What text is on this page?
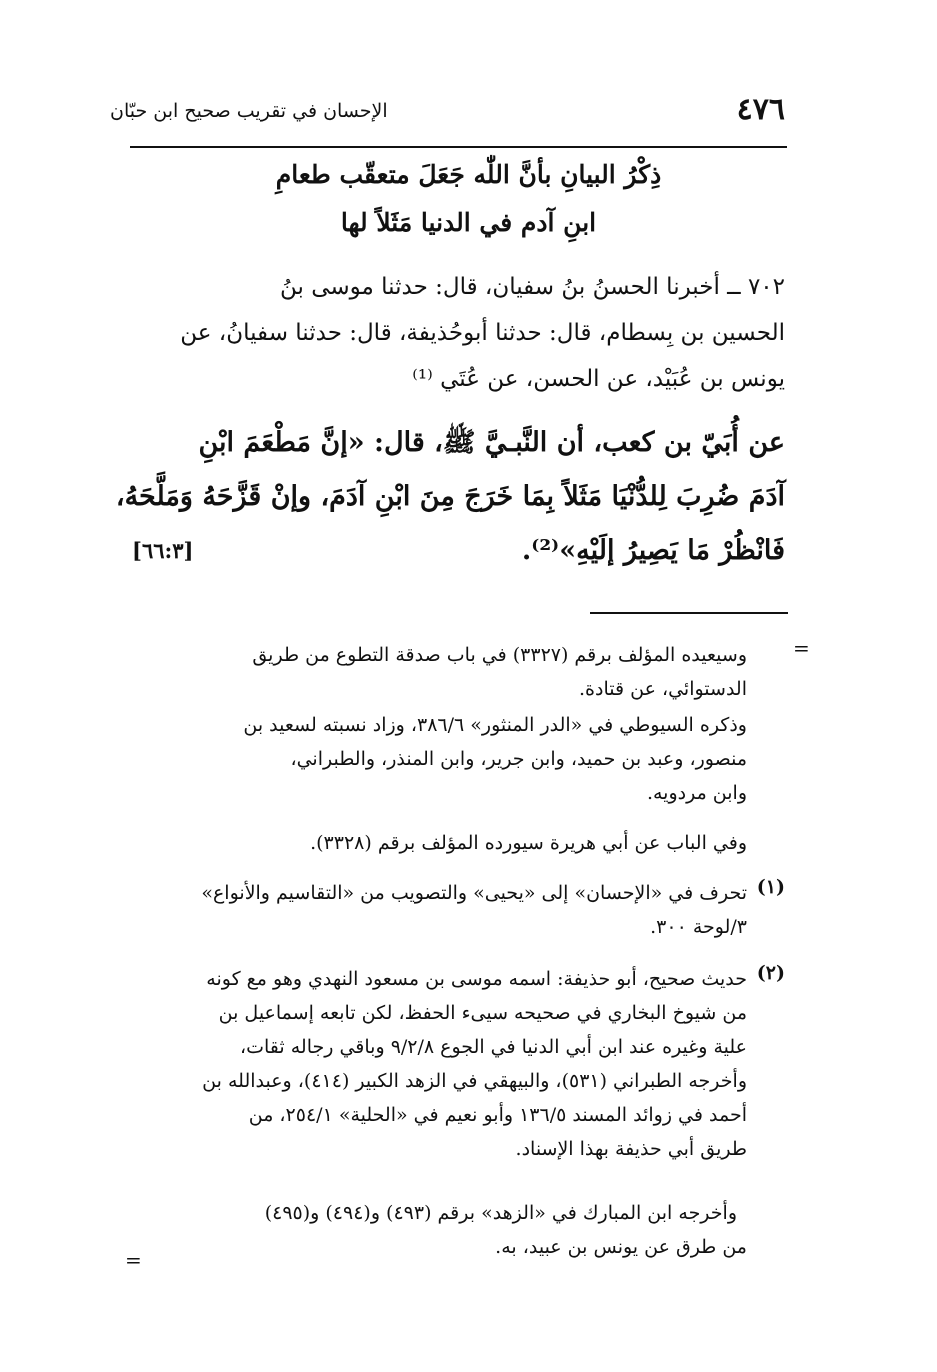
٤٧٦
الإحسان في تقريب صحيح ابن حبّان
ذِكْرُ البيانِ بأنَّ اللّٰه جَعَلَ متعقّب طعامِ
ابنِ آدم في الدنيا مَثَلاً لها
٧٠٢ ــ أخبرنا الحسنُ بنُ سفيان، قال: حدثنا موسى بنُ
الحسين بن بِسطام، قال: حدثنا أبوحُذيفة، قال: حدثنا سفيانُ، عن
يونس بن عُبَيْد، عن الحسن، عن عُتَي ⁽¹⁾
عن أُبَيّ بن كعب، أن النَّبـيَّ ﷺ، قال: «إنَّ مَطْعَمَ ابْنِ
آدَمَ ضُرِبَ لِلدُّنْيَا مَثَلاً بِمَا خَرَجَ مِنَ ابْنِ آدَمَ، وإنْ قَزَّحَهُ وَمَلَّحَهُ،
فَانْظُرْ مَا يَصِيرُ إلَيْهِ»⁽²⁾.
[٦٦:٣]
=
وسيعيده المؤلف برقم (٣٣٢٧) في باب صدقة التطوع من طريق
الدستوائي، عن قتادة.
وذكره السيوطي في «الدر المنثور» ٣٨٦/٦، وزاد نسبته لسعيد بن
منصور، وعبد بن حميد، وابن جرير، وابن المنذر، والطبراني،
وابن مردويه.
وفي الباب عن أبي هريرة سيورده المؤلف برقم (٣٣٢٨).
(١)
تحرف في «الإحسان» إلى «يحيى» والتصويب من «التقاسيم والأنواع»
٣/لوحة ٣٠٠.
(٢)
حديث صحيح، أبو حذيفة: اسمه موسى بن مسعود النهدي وهو مع كونه
من شيوخ البخاري في صحيحه سيىء الحفظ، لكن تابعه إسماعيل بن
علية وغيره عند ابن أبي الدنيا في الجوع ٩/٢/٨ وباقي رجاله ثقات،
وأخرجه الطبراني (٥٣١)، والبيهقي في الزهد الكبير (٤١٤)، وعبدالله بن
أحمد في زوائد المسند ١٣٦/٥ وأبو نعيم في «الحلية» ٢٥٤/١، من
طريق أبي حذيفة بهذا الإسناد.
وأخرجه ابن المبارك في «الزهد» برقم (٤٩٣) و(٤٩٤) و(٤٩٥)
من طرق عن يونس بن عبيد، به.
=
